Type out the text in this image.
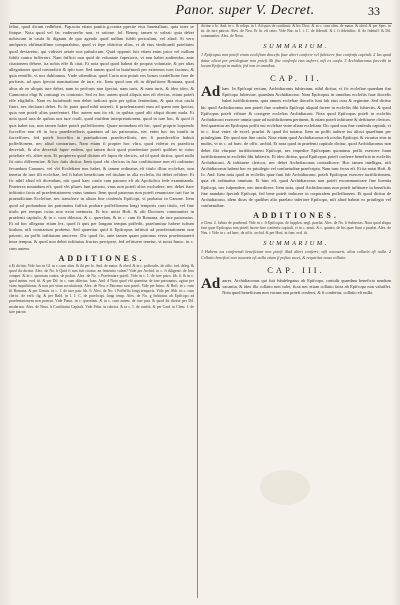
Panor. super V. Decret.	33

feliui, quod dicunt redhiberi. Pap.nota etiam panitic.g.contra ppecite eius Iuuenalium, quia inter se ftatque. Nota quod vel fac vaderuerfio non, vt ratione. fol. Beneq; tamen vt valeat: quia debet nobiscum in caufa fit dignum de quo agendo quod nullum fubfit periculum, vel aliud. Si vero amfqueris obftinatiffime comparabitur, quod vt fepe obiicitur alius, vt ab eius vindicandi potefiates quod deviaretur, qui vidisset aetate nos pabulcrum. Quid opponit fuit etiam enim prior vel nullum fubfit contra fufferrari. Nam fufficit non quid de voluntate fuperioris, vt non habet audiendus, ante citationem debere, ita nobis effe & citat. Et nota quod quod habeat de propria voluntate, & per alias allegationes quod contradicit & ipfo iure. Sed tamen quod in huiufmodi per extremos tuos facinus, & quia remiffit, vt nos dubitamus. Vnde oftenditur, quod Curia non potuit eos bonos confeffione fore de perfonis, ad quos fpectat nominatione de iure, etc. Item quod non eft in difpoftione Romana, quod alius ab eo aliquis iure debet, nam in perfonis non fpectat, nam iuris, & nam iuris, & ideo ideo, & Cannonica eligi & coniungi ex contrario. Sed ex hoc autem quod aliquis non eft electus, etiam poteft effe eligibilis. Nam ex huiufmodi non debet iudicari quia per ipfius fententiam, & quia eius caufa finiri, nec declarari debet. Et fic patet quod nihil intereft, fi praefentauerit eum ad quem non fpectat, quia non poteft alius praefentari. Hoc autem non ita eft, in quibus quod alii aliqui dicant mala. Et nota quod iura de quibus nos iure ciuili, quod eiufdem interpretationem, quod in iure hoc, & quod fi quis habet ius, non tamen habet poteft poffeffionem. Quare notandum eft hic, quod proprie loquendo fucceffor non eft in loco praedecefforis quantum ad ius patronatus, nec enim hoc ius tranfit in fucceffores, fed poteft fucceffor in praeiudicium praedecefforis, nec fi praedeceffor habuit poffeffionem, nec aliud contrarium. Nam etiam fi propter hoc vltra, quod videtur ex praedicta decretali, & alia decretali fuper eodem, qui tamen dicit quod praefentare poteft quilibet in cuius poteftate eft, aliter non. Et propterea quod dictum eft fupra de clericis, ad id quod dicitur, quod nulla fit ratio differentiae, & hoc fatis dicitur. Item quod vbi clericus in fua conftitutione non eft ordinatus fecundum Canones, vel vbi Ecclefiam non habet, & tamen ordinatus eft titulo illius ecclefiae, non tenetur de iure illi ecclefiae, fed fi habet beneficium vel titulum in alia ecclefia, ibi debet refidere. Et fic nihil aliud eft dicendum, niti quod haec caufa cum patrono eft ab Apoftolica fede examinanda. Praeterea notandum eft, quod vbi plures funt patroni, vnus non poteft alios excludere, nec debet ftare inftitutio facta ad praefentationem vnius tantum. Item quod patronus non poteft renunciare iuri fuo in praeiudicium Ecclefiae, nec transferre in alium fine confenfu Epifcopi, vt probatur in Canone. Item quod ad probandum ius patronatus fufficit probare poffeffionem longi temporis cum titulo, vel fine titulo per tempus cuius non extat memoria. Et hoc notat Hoft. & alii Doctores communiter in praefenti capitulo, & in c. cum dilectus, & c. querelam, & in c. cum fit Romana, de iure patronatus. Et ad hoc allegatur etiam lex, quod fi quis per longum tempus poffedit, praefumitur habere iuftum titulum, nifi contrarium probetur. Sed quaeritur quid fi Epifcopus inftituit ad praefentationem non patroni, an poffit inftitutum amovere. Dic quod fic, ante tamen quam patronus verus praefentauerit intra tempus, & quod non debet inftitutus fructus percipere, fed reftituere tenetur, vt notat Innoc. in c. cum autem.

ADDITIONES.
a Et dicitur, Vide hoc in Gl. in c. cum olim. & ibi per Io. And. de maior. & obed. & in c. pafforalis. de offic. iud. deleg. & quod ibi dicitur. Alex. de No. b Quid fi non fuit citatus: an fententia valeat? Vide per Archid. in c. fi diligenti. de foro compet. & in c. quoniam contra. de probat. Alex. de No. c Praefentare poteft. Vide in c. 1. de iure patro. lib. 6. & in c. quod autem. eod. tit. & per Dd. in c. cum dilectus. Ioan. And. d Nota quod vbi quaeritur de iure patronatus, agitur per viam inquifitionis, & non per viam accufationis. Alex. de Neu. e Patronus non poteft. Vide per Innoc. & Hoft. in c. cum fit Romana. & per Gemin. in c. 1. de iure patr. lib. 6. Alex. de No. f Poffeffio longi temporis. Vide per Abb. in c. cum clerici. de verb. fig. & per Bald. in l. 1. C. de praefcript. longi temp. Alex. de No. g Inftitutus ab Epifcopo ad praefentationem non patroni. Vide Panor. in c. querelam. & in c. cum autem. de iure patr. & quod ibi dicitur per Dd. modernos. Alex. de Neuo. h Conftitutio Capituli. Vide Felin. in rubrica. & in c. 1. de conftit. & per Card. in Clem. 1. de iure patron.
dicitur a Io. And. in c. & reliqu. in l. Ad quos de conftituti. & hic Doct. & in c. cum olim. de maior. & obed. & per Spec. in tit. de iure patron. Alex. de Neu. Et fic eft ratio. Vide Bar. in l. i. C. de fideiuff. & l. fi fideiuffor. ff. de fideiuff. & Dd. communiter. Alex. de Neuo.
SUMMARIUM.
1 Epifcopus non poteft vnam ecclefiam diocefis fuae alteri conferre vel fubiicere fine confenfu capituli. 2 Ius quod datur alicui per privilegium non poteft illi fine confenfu eius auferri, nifi ex caufa. 3 Archidiaconus fuccedit in locum Epifcopi in multis, fed non in omnibus.
CAP. II.
Ad hæc. In Epifcopi rectum, Archidiaconis fubiectum, nihil dicitur, vt fic ecclefiae quaedam fint Epifcopo fubiectae, quaedam Archidiacono. Nam Epifcopus in omnibus ecclefiis fuae diocefis habet iurifdictionem, quia omnes ecclefiae diocefis funt fub eius cura & regimine. Sed dicitur hic quod Archidiaconus non poteft fine confenfu Epifcopi aliquid facere in ecclefiis fibi fubiectis, & quod Epifcopus poteft vifitare & corrigere ecclefias Archidiaconi. Nota quod Epifcopus poteft in ecclefiis Archidiaconi exercere omnia quae ad iurifdictionem pertinent, & etiam poteft inftituere & deftituere clericos. Sed quaeritur an Epifcopus poffit vni ecclefiae vnire aliam ecclefiam. Dic quod non fine confenfu capituli, vt in c. ficut vnire. de excef. praelat. & quod ibi notatur. Item an poffit auferre ius alicui quaefitum per priuilegium. Dic quod non fine caufa. Nota etiam quod Archidiaconus eft oculus Epifcopi, & vicarius eius in multis, vt in c. ad haec. de offic. archid. Et nota quod in praefenti capitulo dicitur, quod Archidiaconus non debet fibi vfurpare iurifdictionem Epifcopi, nec impedire Epifcopum quominus poffit exercere fuam iurifdictionem in ecclefiis fibi fubiectis. Et ideo dicitur, quod Epifcopus poteft conferre beneficia in ecclefiis Archidiaconi, & inftituere clericos, nec debet Archidiaconus contradicere. Hoc tamen intelligas, nifi Archidiaconus habeat hoc ex priuilegio vel confuetudine praefcripta. Nam tunc fecus eft. Et ita notat Hoft. & Io. And. Item nota quod in ecclefiis quae funt fub Archidiacono, poteft Epifcopus exercere iurifdictionem, quia eft ordinarius omnium. Et hinc eft, quod Archidiaconus non poteft excommunicare fine licentia Epifcopi, nec fufpendere, nec interdicere. Item nota, quod Archidiaconus non poteft inftituere in beneficiis fine mandato fpeciali Epifcopi, fed bene poteft inducere in corporalem poffeffionem. Et quod dicitur de Archidiacono, idem dicas de quolibet alio praelato inferiore Epifcopo, nifi aliud habeat ex priuilegio vel confuetudine.
ADDITIONES.
a Clem. 2. fubito de praebend. Vide in c. fi Epifcopus. de fupplen. negl. praelat. Alex. de No. b Subiectas. Nota quod aliqua funt quae Epifcopus non poteft facere fine confenfu capituli, vt in c. nouit. & c. quanto. de his quae fiunt a praelat. Alex. de Neu. c Vide in c. ad haec. de offic. archid. & per Host. in fum. eod. tit.
SUMMARIUM.
1 Habens ius conferendi beneficium non poteft illud alteri conferre, nifi vacauerit, alias collatio eft nulla. 2 Collatio beneficii non vacantis eft nulla etiam fi poftea vacet, & requiritur noua collatio.
CAP. III.
Ad aures. Archidiaconus qui fuit fubdelegatus ab Epifcopo, contulit quaedam beneficia nondum vacantia, & ideo illa collatio non valet, ficut nec etiam collatio facta ab Epifcopo non valuiffet. Nota quod beneficium non vacans non poteft conferri, & fi confertur, collatio eft nulla.
